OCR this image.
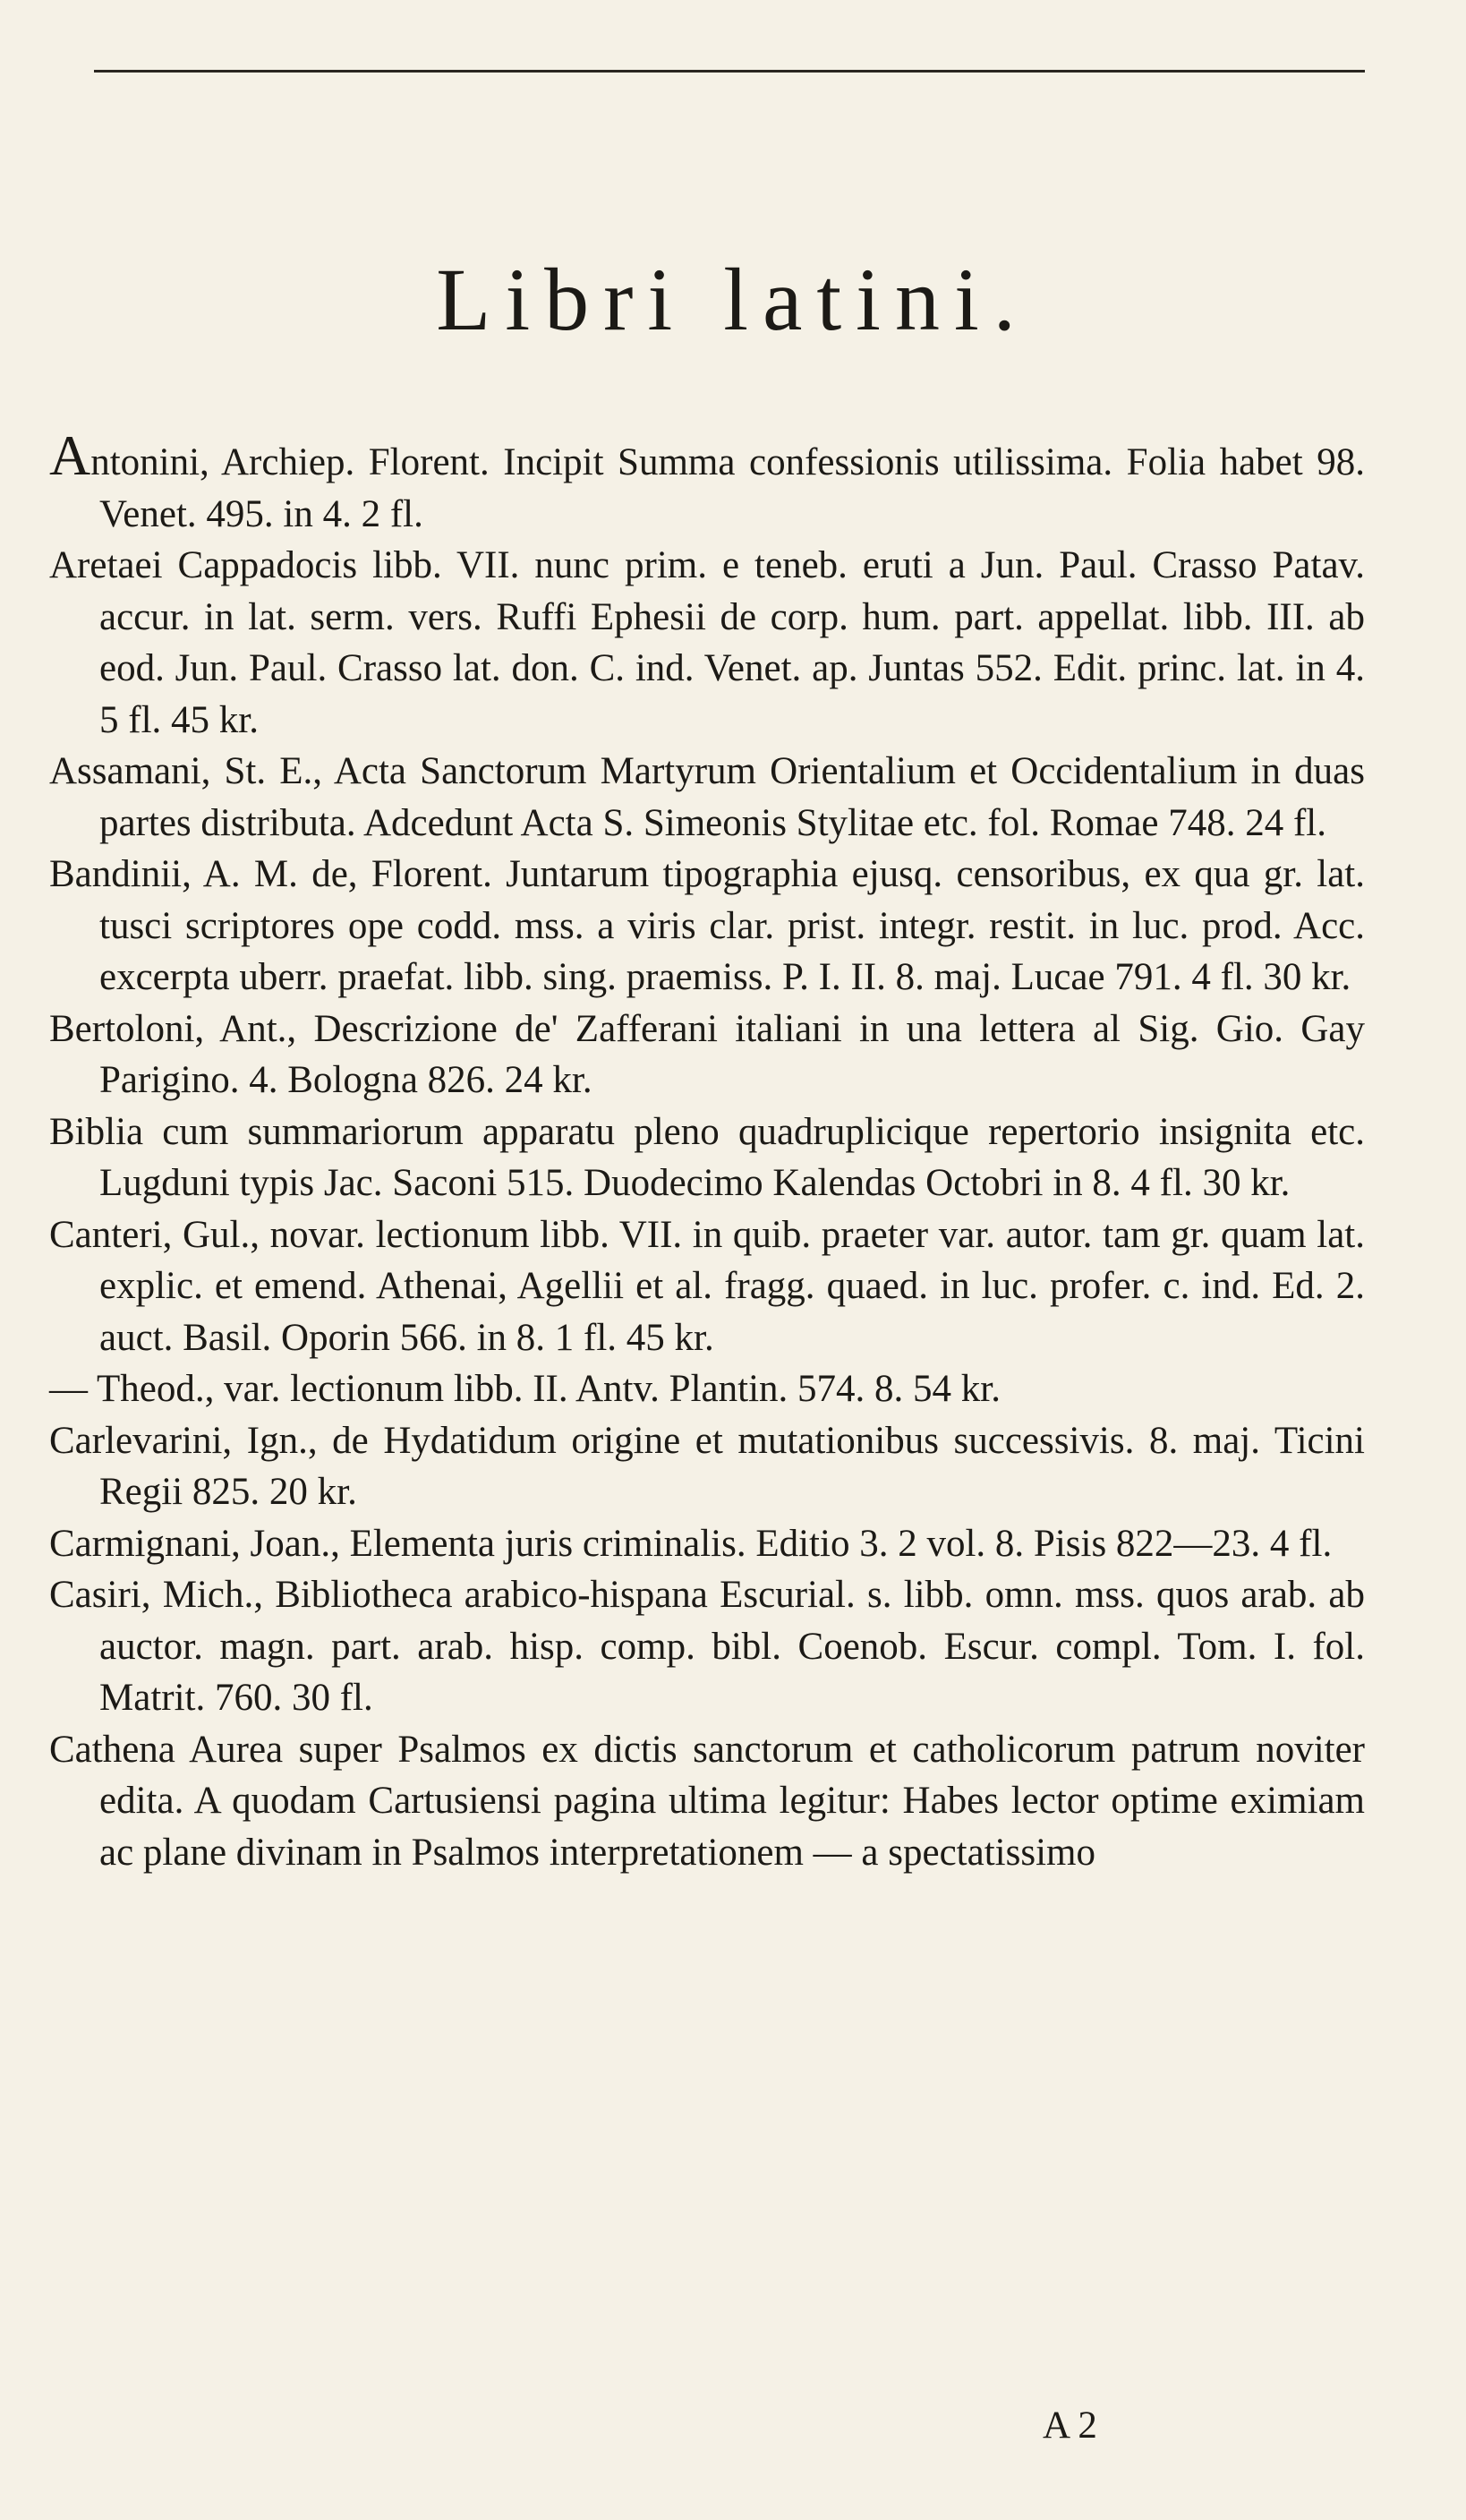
Libri latini.
Antonini, Archiep. Florent. Incipit Summa confessionis utilissima. Folia habet 98. Venet. 495. in 4. 2 fl.
Aretaei Cappadocis libb. VII. nunc prim. e teneb. eruti a Jun. Paul. Crasso Patav. accur. in lat. serm. vers. Ruffi Ephesii de corp. hum. part. appellat. libb. III. ab eod. Jun. Paul. Crasso lat. don. C. ind. Venet. ap. Juntas 552. Edit. princ. lat. in 4. 5 fl. 45 kr.
Assamani, St. E., Acta Sanctorum Martyrum Orientalium et Occidentalium in duas partes distributa. Adcedunt Acta S. Simeonis Stylitae etc. fol. Romae 748. 24 fl.
Bandinii, A. M. de, Florent. Juntarum tipographia ejusq. censoribus, ex qua gr. lat. tusci scriptores ope codd. mss. a viris clar. prist. integr. restit. in luc. prod. Acc. excerpta uberr. praefat. libb. sing. praemiss. P. I. II. 8. maj. Lucae 791. 4 fl. 30 kr.
Bertoloni, Ant., Descrizione de' Zafferani italiani in una lettera al Sig. Gio. Gay Parigino. 4. Bologna 826. 24 kr.
Biblia cum summariorum apparatu pleno quadruplicique repertorio insignita etc. Lugduni typis Jac. Saconi 515. Duodecimo Kalendas Octobri in 8. 4 fl. 30 kr.
Canteri, Gul., novar. lectionum libb. VII. in quib. praeter var. autor. tam gr. quam lat. explic. et emend. Athenai, Agellii et al. fragg. quaed. in luc. profer. c. ind. Ed. 2. auct. Basil. Oporin 566. in 8. 1 fl. 45 kr.
— Theod., var. lectionum libb. II. Antv. Plantin. 574. 8. 54 kr.
Carlevarini, Ign., de Hydatidum origine et mutationibus successivis. 8. maj. Ticini Regii 825. 20 kr.
Carmignani, Joan., Elementa juris criminalis. Editio 3. 2 vol. 8. Pisis 822—23. 4 fl.
Casiri, Mich., Bibliotheca arabico-hispana Escurial. s. libb. omn. mss. quos arab. ab auctor. magn. part. arab. hisp. comp. bibl. Coenob. Escur. compl. Tom. I. fol. Matrit. 760. 30 fl.
Cathena Aurea super Psalmos ex dictis sanctorum et catholicorum patrum noviter edita. A quodam Cartusiensi pagina ultima legitur: Habes lector optime eximiam ac plane divinam in Psalmos interpretationem — a spectatissimo
A 2
